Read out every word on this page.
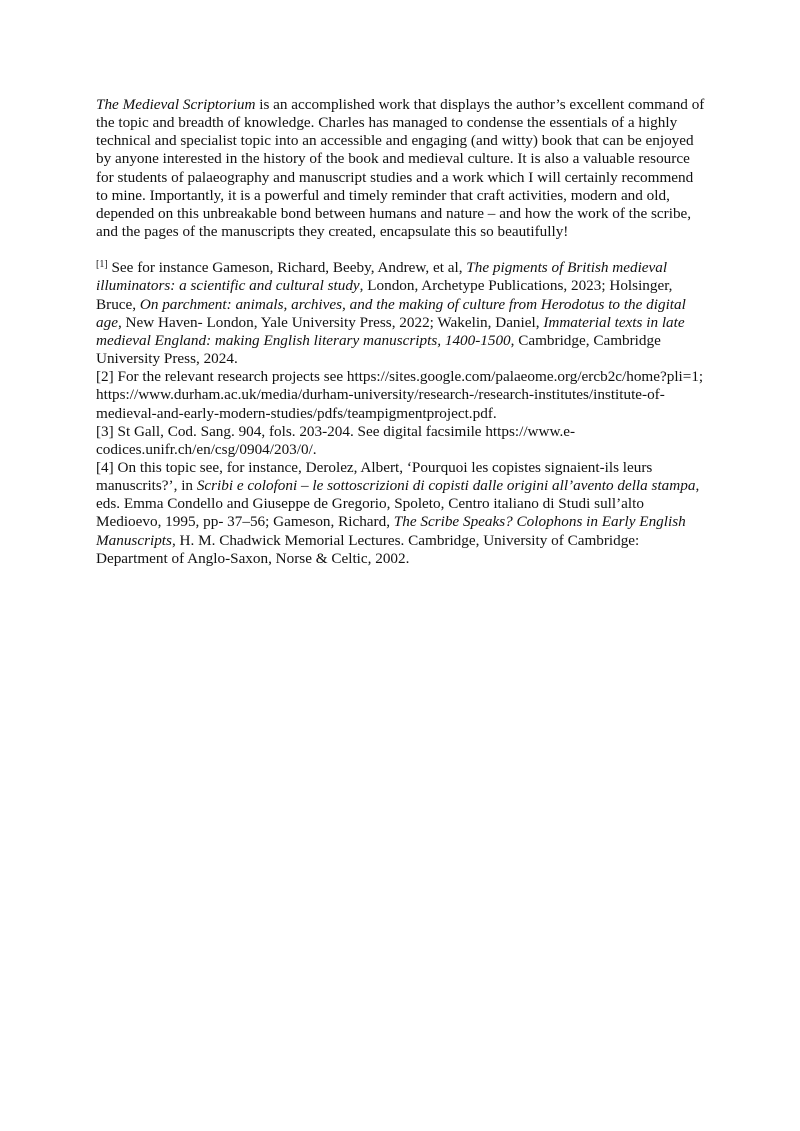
The Medieval Scriptorium is an accomplished work that displays the author’s excellent command of the topic and breadth of knowledge. Charles has managed to condense the essentials of a highly technical and specialist topic into an accessible and engaging (and witty) book that can be enjoyed by anyone interested in the history of the book and medieval culture. It is also a valuable resource for students of palaeography and manuscript studies and a work which I will certainly recommend to mine. Importantly, it is a powerful and timely reminder that craft activities, modern and old, depended on this unbreakable bond between humans and nature – and how the work of the scribe, and the pages of the manuscripts they created, encapsulate this so beautifully!

[1] See for instance Gameson, Richard, Beeby, Andrew, et al, The pigments of British medieval illuminators: a scientific and cultural study, London, Archetype Publications, 2023; Holsinger, Bruce, On parchment: animals, archives, and the making of culture from Herodotus to the digital age, New Haven- London, Yale University Press, 2022; Wakelin, Daniel, Immaterial texts in late medieval England: making English literary manuscripts, 1400-1500, Cambridge, Cambridge University Press, 2024.

[2] For the relevant research projects see https://sites.google.com/palaeome.org/ercb2c/home?pli=1; https://www.durham.ac.uk/media/durham-university/research-/research-institutes/institute-of-medieval-and-early-modern-studies/pdfs/teampigmentproject.pdf.

[3] St Gall, Cod. Sang. 904, fols. 203-204. See digital facsimile https://www.e-codices.unifr.ch/en/csg/0904/203/0/.

[4] On this topic see, for instance, Derolez, Albert, ‘Pourquoi les copistes signaient-ils leurs manuscrits?’, in Scribi e colofoni – le sottoscrizioni di copisti dalle origini all’avento della stampa, eds. Emma Condello and Giuseppe de Gregorio, Spoleto, Centro italiano di Studi sull’alto Medioevo, 1995, pp- 37–56; Gameson, Richard, The Scribe Speaks? Colophons in Early English Manuscripts, H. M. Chadwick Memorial Lectures. Cambridge, University of Cambridge: Department of Anglo-Saxon, Norse & Celtic, 2002.
